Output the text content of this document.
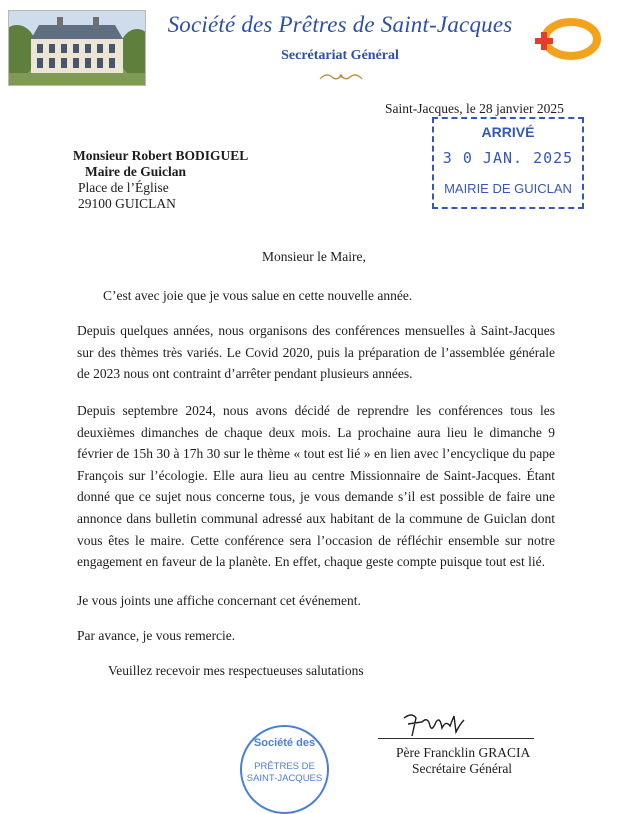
Société des Prêtres de Saint-Jacques
Secrétariat Général
Saint-Jacques, le 28 janvier 2025
ARRIVÉ
3 0 JAN. 2025
MAIRIE DE GUICLAN
Monsieur Robert BODIGUEL
Maire de Guiclan
Place de l’Église
29100 GUICLAN
Monsieur le Maire,
C’est avec joie que je vous salue en cette nouvelle année.
Depuis quelques années, nous organisons des conférences mensuelles à Saint-Jacques sur des thèmes très variés. Le Covid 2020, puis la préparation de l’assemblée générale de 2023 nous ont contraint d’arrêter pendant plusieurs années.
Depuis septembre 2024, nous avons décidé de reprendre les conférences tous les deuxièmes dimanches de chaque deux mois. La prochaine aura lieu le dimanche 9 février de 15h 30 à 17h 30 sur le thème « tout est lié » en lien avec l’encyclique du pape François sur l’écologie. Elle aura lieu au centre Missionnaire de Saint-Jacques. Étant donné que ce sujet nous concerne tous, je vous demande s’il est possible de faire une annonce dans bulletin communal adressé aux habitant de la commune de Guiclan dont vous êtes le maire. Cette conférence sera l’occasion de réfléchir ensemble sur notre engagement en faveur de la planète. En effet, chaque geste compte puisque tout est lié.
Je vous joints une affiche concernant cet événement.
Par avance, je vous remercie.
Veuillez recevoir mes respectueuses salutations
Société des
PRÊTRES DE
SAINT-JACQUES
Père Francklin GRACIA
Secrétaire Général
